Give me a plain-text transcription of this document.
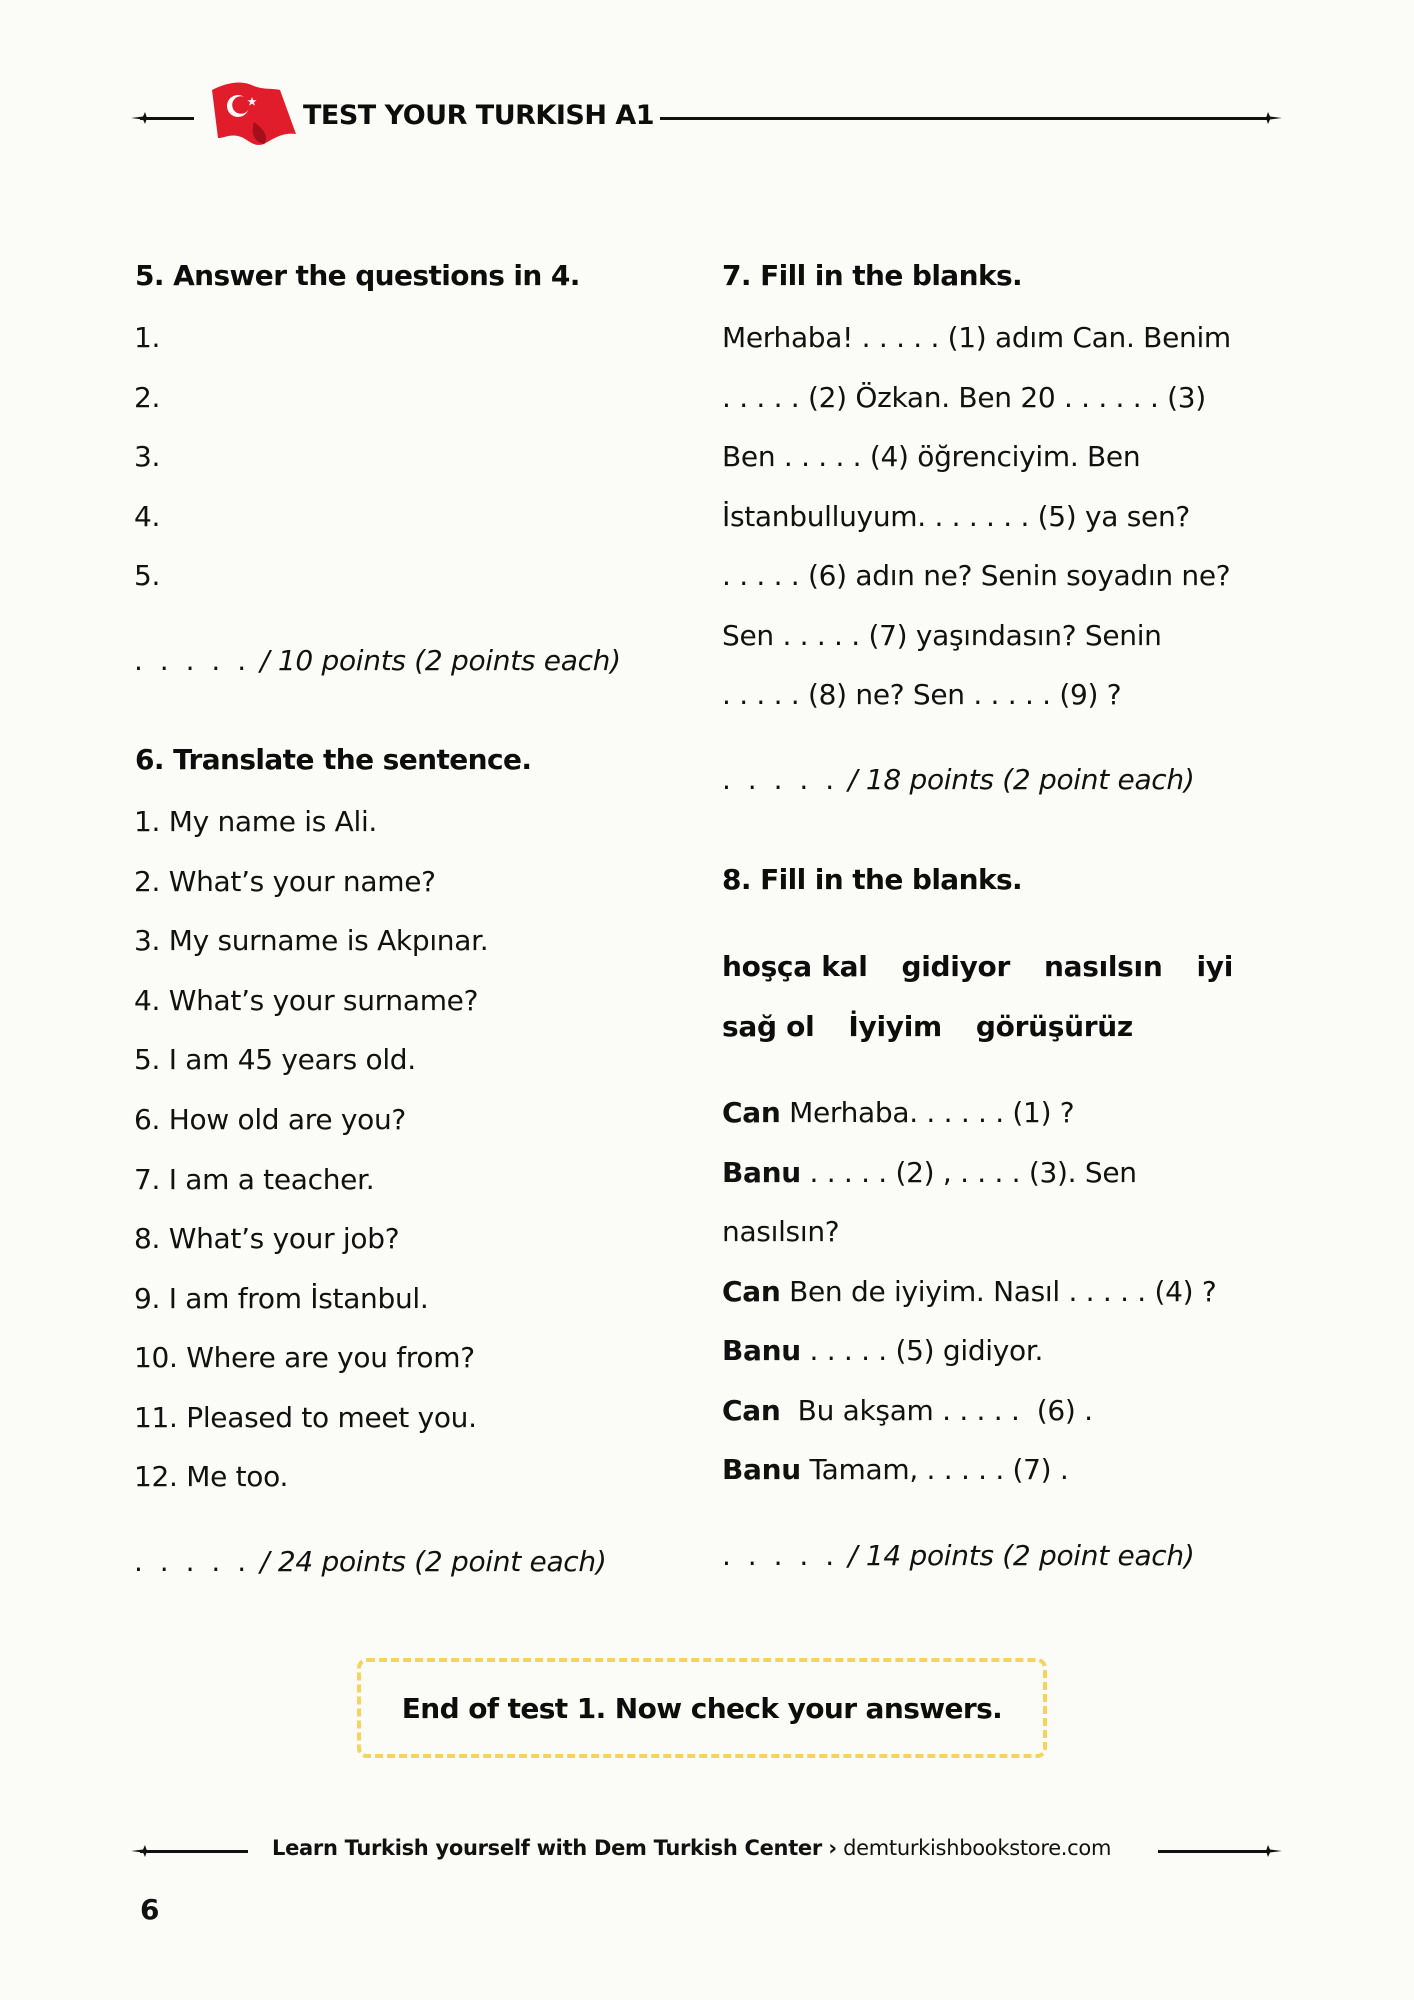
TEST YOUR TURKISH A1
5. Answer the questions in 4.
1.
2.
3.
4.
5.
. . . . . / 10 points (2 points each)
6. Translate the sentence.
1. My name is Ali.
2. What’s your name?
3. My surname is Akpınar.
4. What’s your surname?
5. I am 45 years old.
6. How old are you?
7. I am a teacher.
8. What’s your job?
9. I am from İstanbul.
10. Where are you from?
11. Pleased to meet you.
12. Me too.
. . . . . / 24 points (2 point each)
7. Fill in the blanks.
Merhaba! . . . . . (1) adım Can. Benim
. . . . . (2) Özkan. Ben 20 . . . . . . (3)
Ben . . . . . (4) öğrenciyim. Ben
İstanbulluyum. . . . . . . (5) ya sen?
. . . . . (6) adın ne? Senin soyadın ne?
Sen . . . . . (7) yaşındasın? Senin
. . . . . (8) ne? Sen . . . . . (9) ?
. . . . . / 18 points (2 point each)
8. Fill in the blanks.
hoşça kal gidiyor nasılsın iyi
sağ ol İyiyim görüşürüz
Can Merhaba. . . . . . (1) ?
Banu . . . . . (2) , . . . . (3). Sen
nasılsın?
Can Ben de iyiyim. Nasıl . . . . . (4) ?
Banu . . . . . (5) gidiyor.
Can  Bu akşam . . . . .  (6) .
Banu Tamam, . . . . . (7) .
. . . . . / 14 points (2 point each)
End of test 1. Now check your answers.
Learn Turkish yourself with Dem Turkish Center › demturkishbookstore.com
6
